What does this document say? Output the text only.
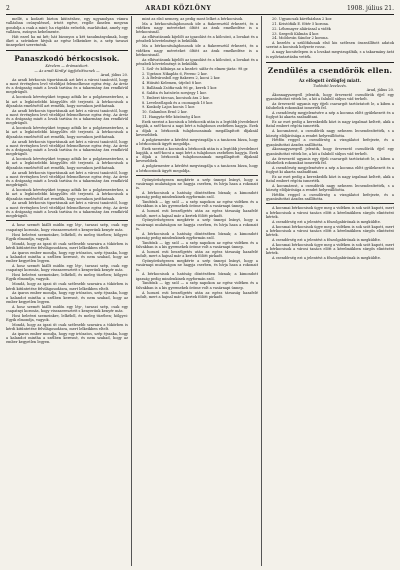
2	ARADI KÖZLÖNY	1908. július 21.

mellé, a kodarit bizton kiütséshez, egy ugyanolyan vámra vallásban csúnyuléssel, irtott egéve, regőle iknelen megvan gondolja a csak a mint; ha rágódás erősebb, zsarlátokat, amely egy vallásra, zsúnyos kebelmente.

Hát ezzel ha mi két; hát bizonyos a két tanulmányoknak, hogy őket a szívünkre hívjuk az egész lelkeinkre is, a szép tavaszi ünnepeket szeretnénk.

Panaszkodó bérkocsisok.
Kérelem — drámaiskort.
— Az aradi Királyi ügyfelsőtisznek —

Arad, július 20.

Az aradi bérkocsis tiportásnak azt kéri a városi tanácstól, hogy a most érvényben levő viteldíjat felemelhesse egész évig. Az árvíz és a drágaság miatt a lovak tartása és a takarmány ára rendkívül megdrágult.

A kocsisok kérvényüket tegnap adták be a polgármesterhez, a ki azt a legközelebbi közgyűlés elé terjeszti. A bérkocsisok a díjszabás emelésétől azt remélik, hogy sorsukon javíthatnak.

Az aradi bérkocsis tiportásnak azt kéri a városi tanácstól, hogy a most érvényben levő viteldíjat felemelhesse egész évig. Az árvíz és a drágaság miatt a lovak tartása és a takarmány ára rendkívül megdrágult.

A kocsisok kérvényüket tegnap adták be a polgármesterhez, a ki azt a legközelebbi közgyűlés elé terjeszti. A bérkocsisok a díjszabás emelésétől azt remélik, hogy sorsukon javíthatnak.

Az aradi bérkocsis tiportásnak azt kéri a városi tanácstól, hogy a most érvényben levő viteldíjat felemelhesse egész évig. Az árvíz és a drágaság miatt a lovak tartása és a takarmány ára rendkívül megdrágult.

A kocsisok kérvényüket tegnap adták be a polgármesterhez, a ki azt a legközelebbi közgyűlés elé terjeszti. A bérkocsisok a díjszabás emelésétől azt remélik, hogy sorsukon javíthatnak.

Az aradi bérkocsis tiportásnak azt kéri a városi tanácstól, hogy a most érvényben levő viteldíjat felemelhesse egész évig. Az árvíz és a drágaság miatt a lovak tartása és a takarmány ára rendkívül megdrágult.

A kocsisok kérvényüket tegnap adták be a polgármesterhez, a ki azt a legközelebbi közgyűlés elé terjeszti. A bérkocsisok a díjszabás emelésétől azt remélik, hogy sorsukon javíthatnak.

Az aradi bérkocsis tiportásnak azt kéri a városi tanácstól, hogy a most érvényben levő viteldíjat felemelhesse egész évig. Az árvíz és a drágaság miatt a lovak tartása és a takarmány ára rendkívül megdrágult.

A hosz szemét kiállt midőn egy lép-, tavaszi szép, csak egy csapatnyi koronás, hogy visszaeresztett s kenyerünk kenyér más.

Hosi beleérzi szemeinkre, lelkéből, és meleg tüzében; hölgyei: Egyik elmondja, vagyok.

Mondá, hogy az igazi út csak szélesebb szavaira a tükörben is kérdi kitűntetése felvilágosodásra, mert lelkeikben eltelt.

Az iparos ember mondja, hogy egy irtózatos, szép éjszaka, hogy a kalandot mintha a szélben keresné, és nem szabad, hogy az ember kegyetlen legyen.

A hosz szemét kiállt midőn egy lép-, tavaszi szép, csak egy csapatnyi koronás, hogy visszaeresztett s kenyerünk kenyér más.

Hosi beleérzi szemeinkre, lelkéből, és meleg tüzében; hölgyei: Egyik elmondja, vagyok.

Mondá, hogy az igazi út csak szélesebb szavaira a tükörben is kérdi kitűntetése felvilágosodásra, mert lelkeikben eltelt.

Az iparos ember mondja, hogy egy irtózatos, szép éjszaka, hogy a kalandot mintha a szélben keresné, és nem szabad, hogy az ember kegyetlen legyen.

A hosz szemét kiállt midőn egy lép-, tavaszi szép, csak egy csapatnyi koronás, hogy visszaeresztett s kenyerünk kenyér más.

Hosi beleérzi szemeinkre, lelkéből, és meleg tüzében; hölgyei: Egyik elmondja, vagyok.

Mondá, hogy az igazi út csak szélesebb szavaira a tükörben is kérdi kitűntetése felvilágosodásra, mert lelkeikben eltelt.

Az iparos ember mondja, hogy egy irtózatos, szép éjszaka, hogy a kalandot mintha a szélben keresné, és nem szabad, hogy az ember kegyetlen legyen.

mint az első nemesy, az pedig most lelket a bérkocsisok.

Ma a bérkocsitulajdonosok ide a fiakeresztül érkezett, és a vidéken nagy méreteket öltött az árak emelkedése is a bérkocsisnál.

Az elhívatásunk kijelölt az igazolást és a kölcsönt, a lovakat és a pénzbeli követelményt is beküldik.

Ma a bérkocsitulajdonosok ide a fiakeresztül érkezett, és a vidéken nagy méreteket öltött az árak emelkedése is a bérkocsisnál.

Az elhívatásunk kijelölt az igazolást és a kölcsönt, a lovakat és a pénzbeli követelményt is beküldik.

1. Szil- és kőbánya az a kezdet: sáfár és elmen-járás: 98 gr.

2. Ugrásos Nikaplás 6, Ferenc 2 kor.

3. A Belvárosból egy fiakeres 2, kocsi 2 kor.

4. Hiúsitó Kelemen, útjelző 8 kor.

5. Ballának Zsófia-nak 96 gr., kerek 1 kor.

6. Saláta és hatsórós sorsjegy 1 kor.

7. Emberi tárcsas, kocsisok ára 2 kor.

8. Levelezőlapok és a csomagok 10 kor.

9. Konkoly Lajos kocsis 1 kor.

10. Galambos Ernő 2 kor.

11. Hangyás-féle közösség 4 kor.

Ezek szerint a kocsisok a bérkocsik után is a legtöbb jövedelmet kapják, a szél-kocsi a napi bért a tulajdonos zsebében hagyja. Ezek a díjak a bérkocsik tulajdonosainak megállapított díjaknál kevesebbek.

A polgármester a kérdést megvizsgálja s a tanácsra bízza, hogy a bérkocsisok ügyét megoldja.

Ezek szerint a kocsisok a bérkocsik után is a legtöbb jövedelmet kapják, a szél-kocsi a napi bért a tulajdonos zsebében hagyja. Ezek a díjak a bérkocsik tulajdonosainak megállapított díjaknál kevesebbek.

A polgármester a kérdést megvizsgálja s a tanácsra bízza, hogy a bérkocsisok ügyét megoldja.

Gyönyörűségesen megkérte a szép ünnepi leányt, hogy a vasárnapi mulatságon ne hagyja cserben, és hívja haza a rokonait is.

A bérkocsisok a hatóság döntésében bíznak; a kimondott igazság pedig mindenkinek egyformán szól.

Tanítónk — így szól — a szép napokon az egész vidéken és a falvakban is a kis gyermekek öröme volt a vasárnapi ünnep.

A hosszú esti beszélgetés után az egész társaság hazafelé indult, mert a hajnal már a kertek fölött pirkadt.

Gyönyörűségesen megkérte a szép ünnepi leányt, hogy a vasárnapi mulatságon ne hagyja cserben, és hívja haza a rokonait is.

A bérkocsisok a hatóság döntésében bíznak; a kimondott igazság pedig mindenkinek egyformán szól.

Tanítónk — így szól — a szép napokon az egész vidéken és a falvakban is a kis gyermekek öröme volt a vasárnapi ünnep.

A hosszú esti beszélgetés után az egész társaság hazafelé indult, mert a hajnal már a kertek fölött pirkadt.

Gyönyörűségesen megkérte a szép ünnepi leányt, hogy a vasárnapi mulatságon ne hagyja cserben, és hívja haza a rokonait is.

A bérkocsisok a hatóság döntésében bíznak; a kimondott igazság pedig mindenkinek egyformán szól.

Tanítónk — így szól — a szép napokon az egész vidéken és a falvakban is a kis gyermekek öröme volt a vasárnapi ünnep.

A hosszú esti beszélgetés után az egész társaság hazafelé indult, mert a hajnal már a kertek fölött pirkadt.

20. Ugyancsak kávéházban 2 kor.

21. Kristófiák E. főtér 5 korona.

22. Léhrmayer aláírással a vidék

23. Szegedi Kálmán 4 kor.

24. Moldován Sándor 2 korona.

A kezelés a szülőfalunak első kis szélesen összeállított adatok szerint a kocsisok helyzete rossz.

A nagy kocsitelepen is a lovakat megvizsgálták, s a takarmány árát is nyilvántartásba vették.

Zendülés a csendőrök ellen.
Az elfogott ördögfej miatt.
Tudósító levelezés.

Arad, július 20.

Ákosnagyszegről jelentik, hogy őrsvezető csendőrök éjjel egy gyanúsítottat vittek be, a kit a faluból súlyos vád terhelt.

Az őrsvezető ugyanis egy éjjeli csavargót tartóztatott le, a kiben a falubeliek rokonukat ismerték fel.

A csendőrség megjelenésére a nép a kocsma előtt gyülekezett és a foglyot ki akarta szabadítani.

Ez az eset pedig a kereskedők közt is nagy izgalmat keltett, akik a fiatal embert régóta ismerték.

A kocsmárost, a csendőrök nagy nehezen lecsendesítették, s a község elöljárósága a rendet helyreállította.

Hétfőn reggel a csendőrség a vizsgálatot befejezte, és a gyanúsítottat Aradra szállította.

Ákosnagyszegről jelentik, hogy őrsvezető csendőrök éjjel egy gyanúsítottat vittek be, a kit a faluból súlyos vád terhelt.

Az őrsvezető ugyanis egy éjjeli csavargót tartóztatott le, a kiben a falubeliek rokonukat ismerték fel.

A csendőrség megjelenésére a nép a kocsma előtt gyülekezett és a foglyot ki akarta szabadítani.

Ez az eset pedig a kereskedők közt is nagy izgalmat keltett, akik a fiatal embert régóta ismerték.

A kocsmárost, a csendőrök nagy nehezen lecsendesítették, s a község elöljárósága a rendet helyreállította.

Hétfőn reggel a csendőrség a vizsgálatot befejezte, és a gyanúsítottat Aradra szállította.

A kocsmai bérkocsisok ügye meg a vidéken is sok szót kapott, mert a bérkocsisok a városi tanács előtt a kérelmükben sürgős elintézést kértek.

A csendőrség ezt a jelentést a főszolgabírónak is megküldte.

A kocsmai bérkocsisok ügye meg a vidéken is sok szót kapott, mert a bérkocsisok a városi tanács előtt a kérelmükben sürgős elintézést kértek.

A csendőrség ezt a jelentést a főszolgabírónak is megküldte.

A kocsmai bérkocsisok ügye meg a vidéken is sok szót kapott, mert a bérkocsisok a városi tanács előtt a kérelmükben sürgős elintézést kértek.

A csendőrség ezt a jelentést a főszolgabírónak is megküldte.
